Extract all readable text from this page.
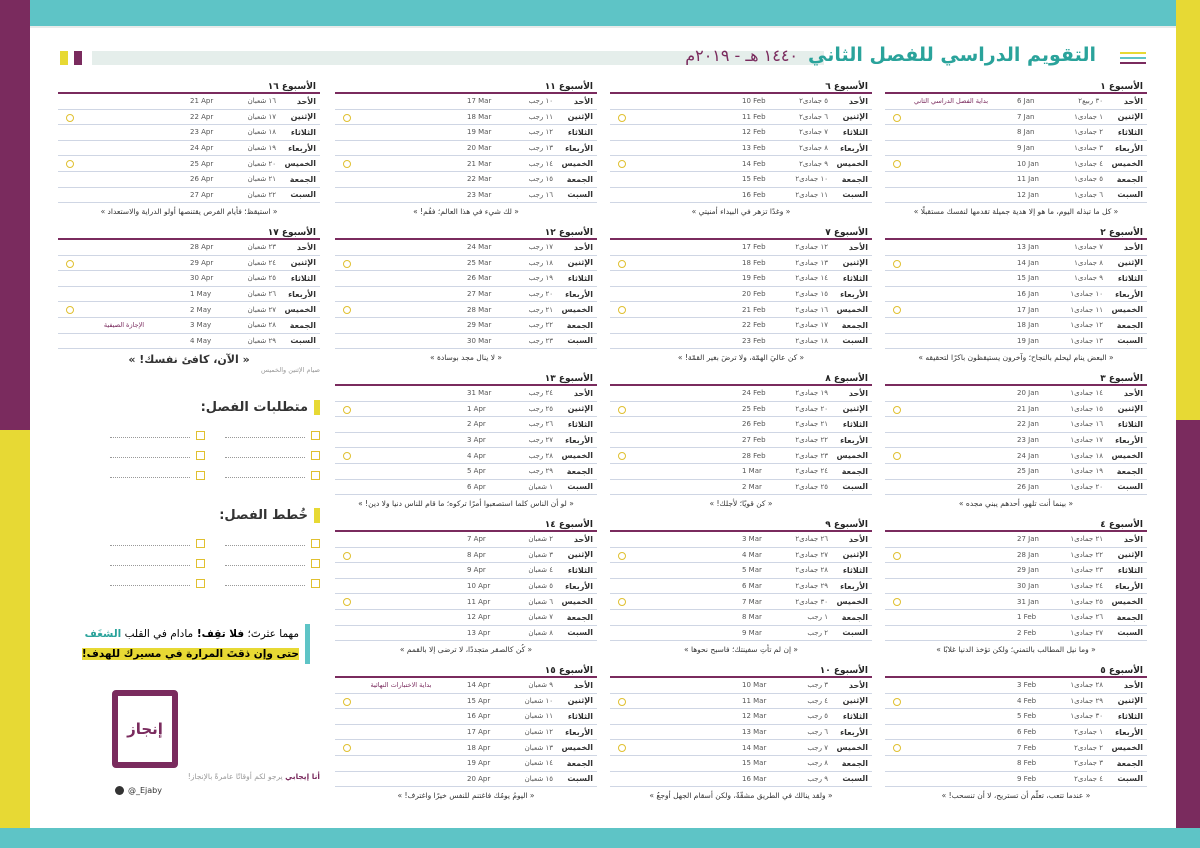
التقويم الدراسي للفصل الثاني١٤٤٠ هـ - ٢٠١٩م
الأسبوع ١
الأحد
٣٠ ربيع٢
6 Jan
بداية الفصل الدراسي الثاني
الإثنين
١ جمادى١
7 Jan
الثلاثاء
٢ جمادى١
8 Jan
الأربعاء
٣ جمادى١
9 Jan
الخميس
٤ جمادى١
10 Jan
الجمعة
٥ جمادى١
11 Jan
السبت
٦ جمادى١
12 Jan
« كل ما تبذله اليوم، ما هو إلا هدية جميلة تقدمها لنفسك مستقبلًا »
الأسبوع ٢
الأحد
٧ جمادى١
13 Jan
الإثنين
٨ جمادى١
14 Jan
الثلاثاء
٩ جمادى١
15 Jan
الأربعاء
١٠ جمادى١
16 Jan
الخميس
١١ جمادى١
17 Jan
الجمعة
١٢ جمادى١
18 Jan
السبت
١٣ جمادى١
19 Jan
« البعض ينام ليحلم بالنجاح؛ وآخرون يستيقظون باكرًا لتحقيقه »
الأسبوع ٣
الأحد
١٤ جمادى١
20 Jan
الإثنين
١٥ جمادى١
21 Jan
الثلاثاء
١٦ جمادى١
22 Jan
الأربعاء
١٧ جمادى١
23 Jan
الخميس
١٨ جمادى١
24 Jan
الجمعة
١٩ جمادى١
25 Jan
السبت
٢٠ جمادى١
26 Jan
« بينما أنت تلهو، أحدهم يبني مجده »
الأسبوع ٤
الأحد
٢١ جمادى١
27 Jan
الإثنين
٢٢ جمادى١
28 Jan
الثلاثاء
٢٣ جمادى١
29 Jan
الأربعاء
٢٤ جمادى١
30 Jan
الخميس
٢٥ جمادى١
31 Jan
الجمعة
٢٦ جمادى١
1 Feb
السبت
٢٧ جمادى١
2 Feb
« وما نيل المطالب بالتمني؛ ولكن تؤخذ الدنيا غلابًا »
الأسبوع ٥
الأحد
٢٨ جمادى١
3 Feb
الإثنين
٢٩ جمادى١
4 Feb
الثلاثاء
٣٠ جمادى١
5 Feb
الأربعاء
١ جمادى٢
6 Feb
الخميس
٢ جمادى٢
7 Feb
الجمعة
٣ جمادى٢
8 Feb
السبت
٤ جمادى٢
9 Feb
« عندما تتعب، تعلّم أن تستريح، لا أن تنسحب! »
الأسبوع ٦
الأحد
٥ جمادى٢
10 Feb
الإثنين
٦ جمادى٢
11 Feb
الثلاثاء
٧ جمادى٢
12 Feb
الأربعاء
٨ جمادى٢
13 Feb
الخميس
٩ جمادى٢
14 Feb
الجمعة
١٠ جمادى٢
15 Feb
السبت
١١ جمادى٢
16 Feb
« وغدًا تزهر في البيداء أمنيتي »
الأسبوع ٧
الأحد
١٢ جمادى٢
17 Feb
الإثنين
١٣ جمادى٢
18 Feb
الثلاثاء
١٤ جمادى٢
19 Feb
الأربعاء
١٥ جمادى٢
20 Feb
الخميس
١٦ جمادى٢
21 Feb
الجمعة
١٧ جمادى٢
22 Feb
السبت
١٨ جمادى٢
23 Feb
« كن عاليَ الهمّة، ولا ترضَ بغير القمّة! »
الأسبوع ٨
الأحد
١٩ جمادى٢
24 Feb
الإثنين
٢٠ جمادى٢
25 Feb
الثلاثاء
٢١ جمادى٢
26 Feb
الأربعاء
٢٢ جمادى٢
27 Feb
الخميس
٢٣ جمادى٢
28 Feb
الجمعة
٢٤ جمادى٢
1 Mar
السبت
٢٥ جمادى٢
2 Mar
« كن قويًا؛ لأجلك! »
الأسبوع ٩
الأحد
٢٦ جمادى٢
3 Mar
الإثنين
٢٧ جمادى٢
4 Mar
الثلاثاء
٢٨ جمادى٢
5 Mar
الأربعاء
٢٩ جمادى٢
6 Mar
الخميس
٣٠ جمادى٢
7 Mar
الجمعة
١ رجب
8 Mar
السبت
٢ رجب
9 Mar
« إن لم تأتِ سفينتك؛ فاسبح نحوها »
الأسبوع ١٠
الأحد
٣ رجب
10 Mar
الإثنين
٤ رجب
11 Mar
الثلاثاء
٥ رجب
12 Mar
الأربعاء
٦ رجب
13 Mar
الخميس
٧ رجب
14 Mar
الجمعة
٨ رجب
15 Mar
السبت
٩ رجب
16 Mar
« ولقد ينالك في الطريق مشقّةٌ، ولكن أسقام الجهل أوجعُ »
الأسبوع ١١
الأحد
١٠ رجب
17 Mar
الإثنين
١١ رجب
18 Mar
الثلاثاء
١٢ رجب
19 Mar
الأربعاء
١٣ رجب
20 Mar
الخميس
١٤ رجب
21 Mar
الجمعة
١٥ رجب
22 Mar
السبت
١٦ رجب
23 Mar
« لك شيء في هذا العالم؛ فقُم! »
الأسبوع ١٢
الأحد
١٧ رجب
24 Mar
الإثنين
١٨ رجب
25 Mar
الثلاثاء
١٩ رجب
26 Mar
الأربعاء
٢٠ رجب
27 Mar
الخميس
٢١ رجب
28 Mar
الجمعة
٢٢ رجب
29 Mar
السبت
٢٣ رجب
30 Mar
« لا ينال مجد بوسادة »
الأسبوع ١٣
الأحد
٢٤ رجب
31 Mar
الإثنين
٢٥ رجب
1 Apr
الثلاثاء
٢٦ رجب
2 Apr
الأربعاء
٢٧ رجب
3 Apr
الخميس
٢٨ رجب
4 Apr
الجمعة
٢٩ رجب
5 Apr
السبت
١ شعبان
6 Apr
« لو أن الناس كلما استصعبوا أمرًا تركوه؛ ما قام للناس دنيا ولا دين! »
الأسبوع ١٤
الأحد
٢ شعبان
7 Apr
الإثنين
٣ شعبان
8 Apr
الثلاثاء
٤ شعبان
9 Apr
الأربعاء
٥ شعبان
10 Apr
الخميس
٦ شعبان
11 Apr
الجمعة
٧ شعبان
12 Apr
السبت
٨ شعبان
13 Apr
« كُن كالصقر متجددًا، لا ترضى إلا بالقمم »
الأسبوع ١٥
الأحد
٩ شعبان
14 Apr
بداية الاختبارات النهائية
الإثنين
١٠ شعبان
15 Apr
الثلاثاء
١١ شعبان
16 Apr
الأربعاء
١٢ شعبان
17 Apr
الخميس
١٣ شعبان
18 Apr
الجمعة
١٤ شعبان
19 Apr
السبت
١٥ شعبان
20 Apr
« اليومُ يومُك فاغتنم للنفس خيرًا واغترف! »
الأسبوع ١٦
الأحد
١٦ شعبان
21 Apr
الإثنين
١٧ شعبان
22 Apr
الثلاثاء
١٨ شعبان
23 Apr
الأربعاء
١٩ شعبان
24 Apr
الخميس
٢٠ شعبان
25 Apr
الجمعة
٢١ شعبان
26 Apr
السبت
٢٢ شعبان
27 Apr
« استيقظ؛ فأيام الفرص يقتنصها أولو الدراية والاستعداد »
الأسبوع ١٧
الأحد
٢٣ شعبان
28 Apr
الإثنين
٢٤ شعبان
29 Apr
الثلاثاء
٢٥ شعبان
30 Apr
الأربعاء
٢٦ شعبان
1 May
الخميس
٢٧ شعبان
2 May
الجمعة
٢٨ شعبان
3 May
الإجازة الصيفية
السبت
٢٩ شعبان
4 May
« الآن، كافئ نفسك! »
صيام الإثنين والخميس
متطلبات الفصل:
خُطط الفصل:
مهما عثرتَ؛ فلا تقِف! مادام في القلب الشغَف
حتى وإن ذقتَ المرارة في مسيرك للهدف!
إنجاز
أنا إيجابي يرجو لكم أوقاتًا عامرةً بالإنجاز!
@_Ejaby
